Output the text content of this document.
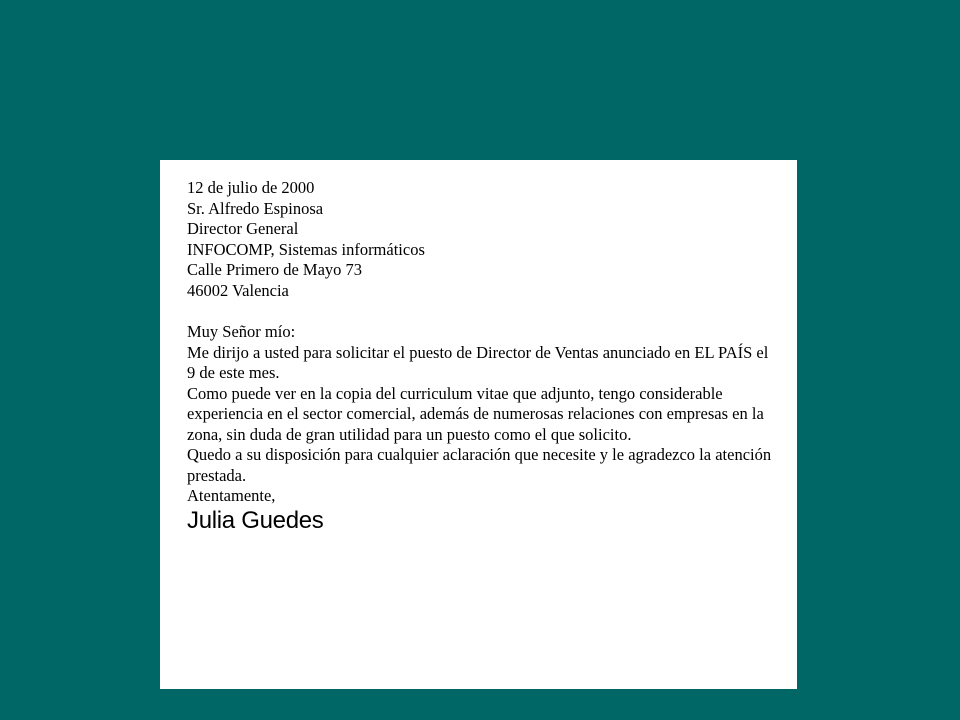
12 de julio de 2000

Sr. Alfredo Espinosa

Director General

INFOCOMP, Sistemas informáticos

Calle Primero de Mayo 73

46002 Valencia

Muy Señor mío:

Me dirijo a usted para solicitar el puesto de Director de Ventas anunciado en EL PAÍS el 9 de este mes.

Como puede ver en la copia del curriculum vitae que adjunto, tengo considerable experiencia en el sector comercial, además de numerosas relaciones con empresas en la zona, sin duda de gran utilidad para un puesto como el que solicito.

Quedo a su disposición para cualquier aclaración que necesite y le agradezco la atención prestada.

Atentamente,

Julia Guedes
